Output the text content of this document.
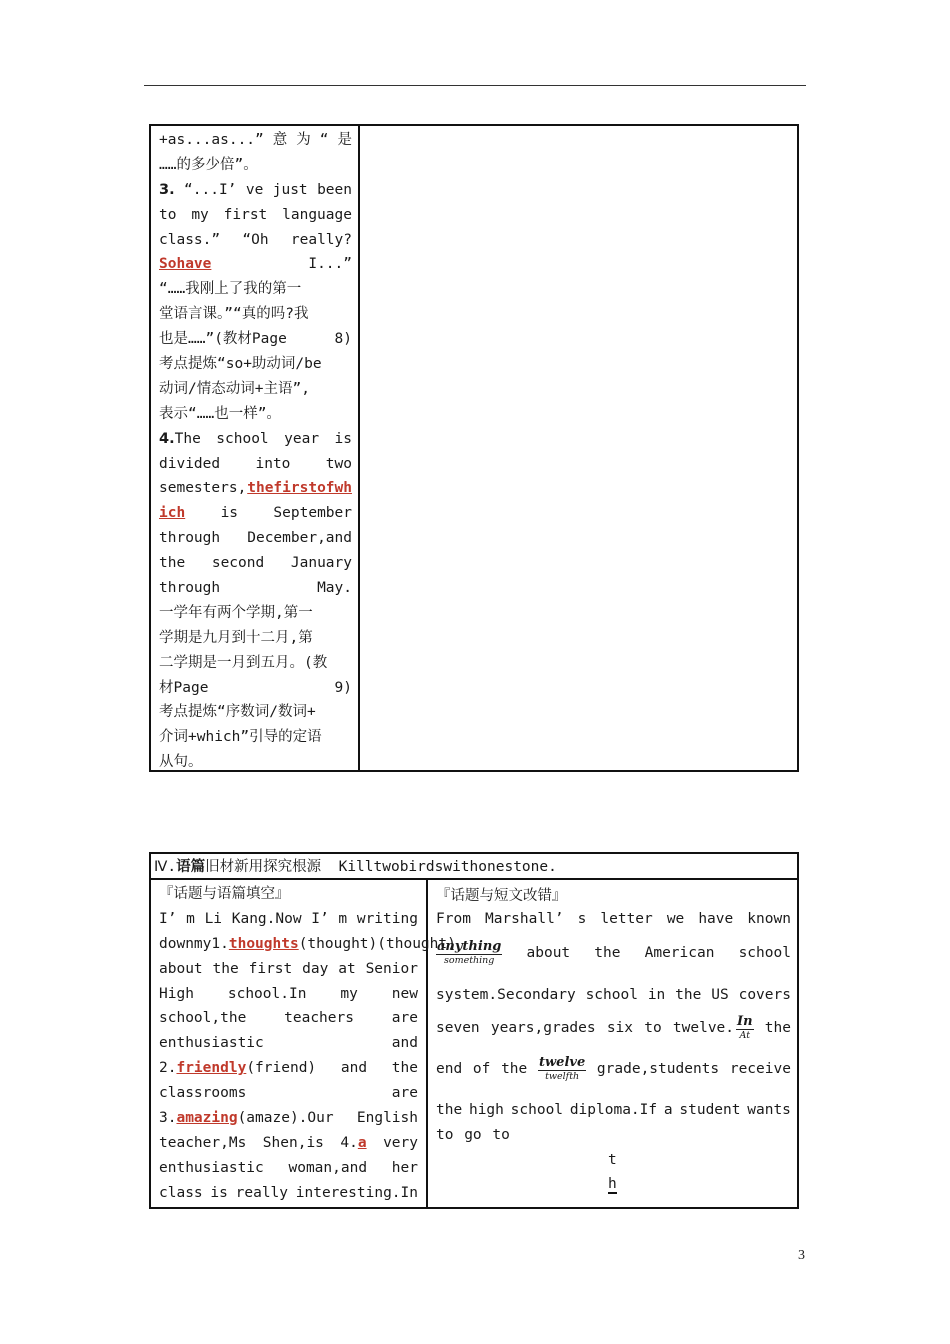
+as...as...” 意 为 “ 是
……的多少倍”。
3. “...I’ ve just been
to my first language
class.” “Oh really?
Sohave	I...”
“……我刚上了我的第一
堂语言课。”“真的吗?我
也是……”(教材Page	8)
考点提炼“so+助动词/be
动词/情态动词+主语”,
表示“……也一样”。
4.The school year is
divided into two
semesters, thefirstofwh
ich is September
through December,and
the second January
through	May.
一学年有两个学期,第一
学期是九月到十二月,第
二学期是一月到五月。(教
材Page	9)
考点提炼“序数词/数词+
介词+which”引导的定语
从句。
Ⅳ.语篇旧材新用探究根源 Killtwobirdswithonestone.
『话题与语篇填空』
I’ m Li Kang.Now I’ m writing
down my 1.thoughts(thought) (thought)
about the first day at Senior
High school.In my new
school,the	teachers	are
enthusiastic	and
2.friendly(friend) and the
classrooms	are
3.amazing(amaze).Our English
teacher,Ms Shen,is 4.a very
enthusiastic woman,and her
class is really interesting.In
『话题与短文改错』
From Marshall’ s letter we have known
$\frac{\text{anything}}{\text{something}}$ about the American school
system.Secondary school in the US covers
seven years,grades six to twelve. $\frac{In}{At}$ the
end of the $\frac{\text{twelve}}{\text{twelfth}}$ grade,students receive
the high school diploma.If a student wants
to go to
t
h
3
